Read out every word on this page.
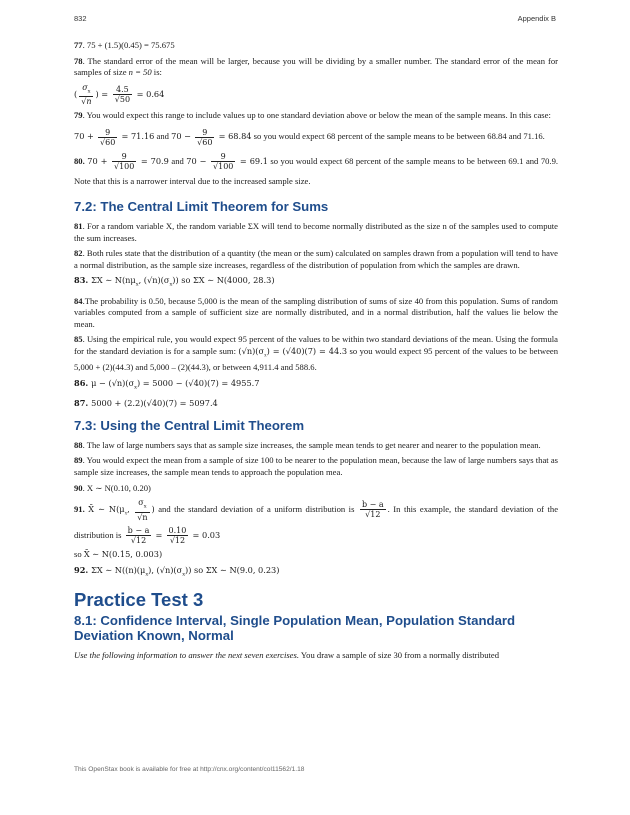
832	Appendix B

77. 75 + (1.5)(0.45) = 75.675

78. The standard error of the mean will be larger, because you will be dividing by a smaller number. The standard error of the mean for samples of size n = 50 is:

( $\frac{\sigma_x}{√n}$ ) = $\frac{4.5}{√50} = 0.64$

79. You would expect this range to include values up to one standard deviation above or below the mean of the sample means. In this case:

$70 + \frac{9}{√60} = 71.16$ and $70 - \frac{9}{√60} = 68.84$ so you would expect 68 percent of the sample means to be between 68.84 and 71.16.
80. $70 + \frac{9}{√100} = 70.9$ and $70 - \frac{9}{√100} = 69.1$ so you would expect 68 percent of the sample means to be between 69.1 and 70.9. Note that this is a narrower interval due to the increased sample size.
7.2: The Central Limit Theorem for Sums

81. For a random variable X, the random variable ΣX will tend to become normally distributed as the size n of the samples used to compute the sum increases.

82. Both rules state that the distribution of a quantity (the mean or the sum) calculated on samples drawn from a population will tend to have a normal distribution, as the sample size increases, regardless of the distribution of population from which the samples are drawn.

83. ΣX ∼ $N(n\mu_x$, $(√n)(\sigma_x)$) so ΣX ∼ N(4000, 28.3)

84.The probability is 0.50, because 5,000 is the mean of the sampling distribution of sums of size 40 from this population. Sums of random variables computed from a sample of sufficient size are normally distributed, and in a normal distribution, half the values lie below the mean.

85. Using the empirical rule, you would expect 95 percent of the values to be within two standard deviations of the mean. Using the formula for the standard deviation is for a sample sum: $(√n)(\sigma_x) = (√40)(7) = 44.3$ so you would expect 95 percent of the values to be between 5,000 + (2)(44.3) and 5,000 – (2)(44.3), or between 4,911.4 and 588.6.

86. $\mu - (√n)(\sigma_x) = 5000 - (√40)(7) = 4955.7$

87. 5000 + (2.2)(√40)(7) = 5097.4

7.3: Using the Central Limit Theorem

88. The law of large numbers says that as sample size increases, the sample mean tends to get nearer and nearer to the population mean.

89. You would expect the mean from a sample of size 100 to be nearer to the population mean, because the law of large numbers says that as sample size increases, the sample mean tends to approach the population mea.

90. X ∼ N(0.10, 0.20)

91. X̄ ∼ $N(\mu_x$, $\frac{\sigma_x}{√n}$ ) and the standard deviation of a uniform distribution is $\frac{b - a}{√12}$ . In this example, the standard deviation of the distribution is $\frac{b - a}{√12} = \frac{0.10}{√12} = 0.03$

so X̄ ∼ N(0.15, 0.003)

92. ΣX ∼ $N((n)(\mu_x)$, $(√n)(\sigma_x)$) so ΣX ∼ N(9.0, 0.23)

Practice Test 3
8.1: Confidence Interval, Single Population Mean, Population Standard Deviation Known, Normal

Use the following information to answer the next seven exercises. You draw a sample of size 30 from a normally distributed

This OpenStax book is available for free at http://cnx.org/content/col11562/1.18
